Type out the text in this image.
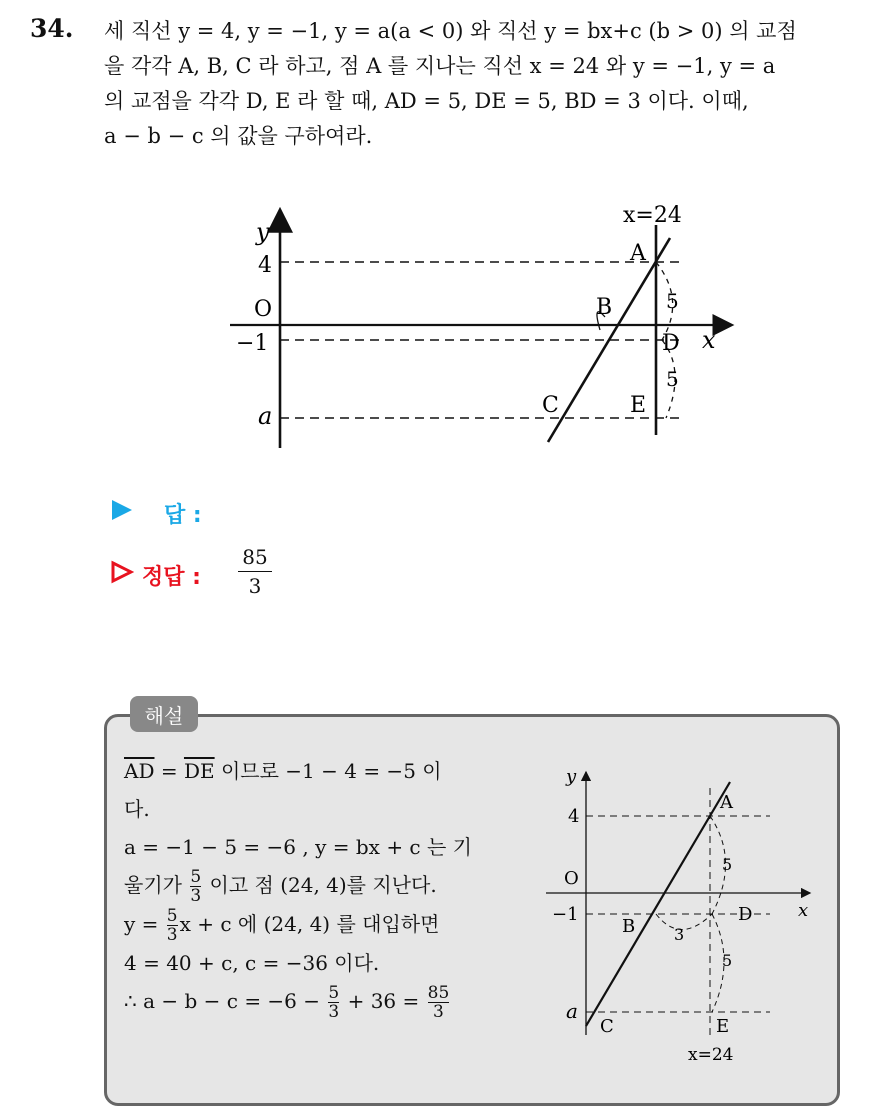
34. 세 직선 y = 4, y = −1, y = a(a < 0) 와 직선 y = bx+c (b > 0) 의 교점
을 각각 A, B, C 라 하고, 점 A 를 지나는 직선 x = 24 와 y = −1, y = a
의 교점을 각각 D, E 라 할 때, AD = 5, DE = 5, BD = 3 이다. 이때,
a − b − c 의 값을 구하여라.
y
x=24
4
O
−1
a
x
A
B
C
D
E
5
5
답 :
정답 :
85
3
해설
$\overline{AD} = \overline{DE}$ 이므로 −1 − 4 = −5 이
다.
a = −1 − 5 = −6 , y = bx + c 는 기
울기가 $\frac{5}{3}$ 이고 점 (24, 4)를 지난다.
$y = \frac{5}{3}$ x + c 에 (24, 4) 를 대입하면
4 = 40 + c, c = −36 이다.
∴ $a - b - c = -6 - \frac{5}{3} + 36 = \frac{85}{3}$
y
4
O
−1
a
x
A
B
C
D
E
3
5
5
x=24
